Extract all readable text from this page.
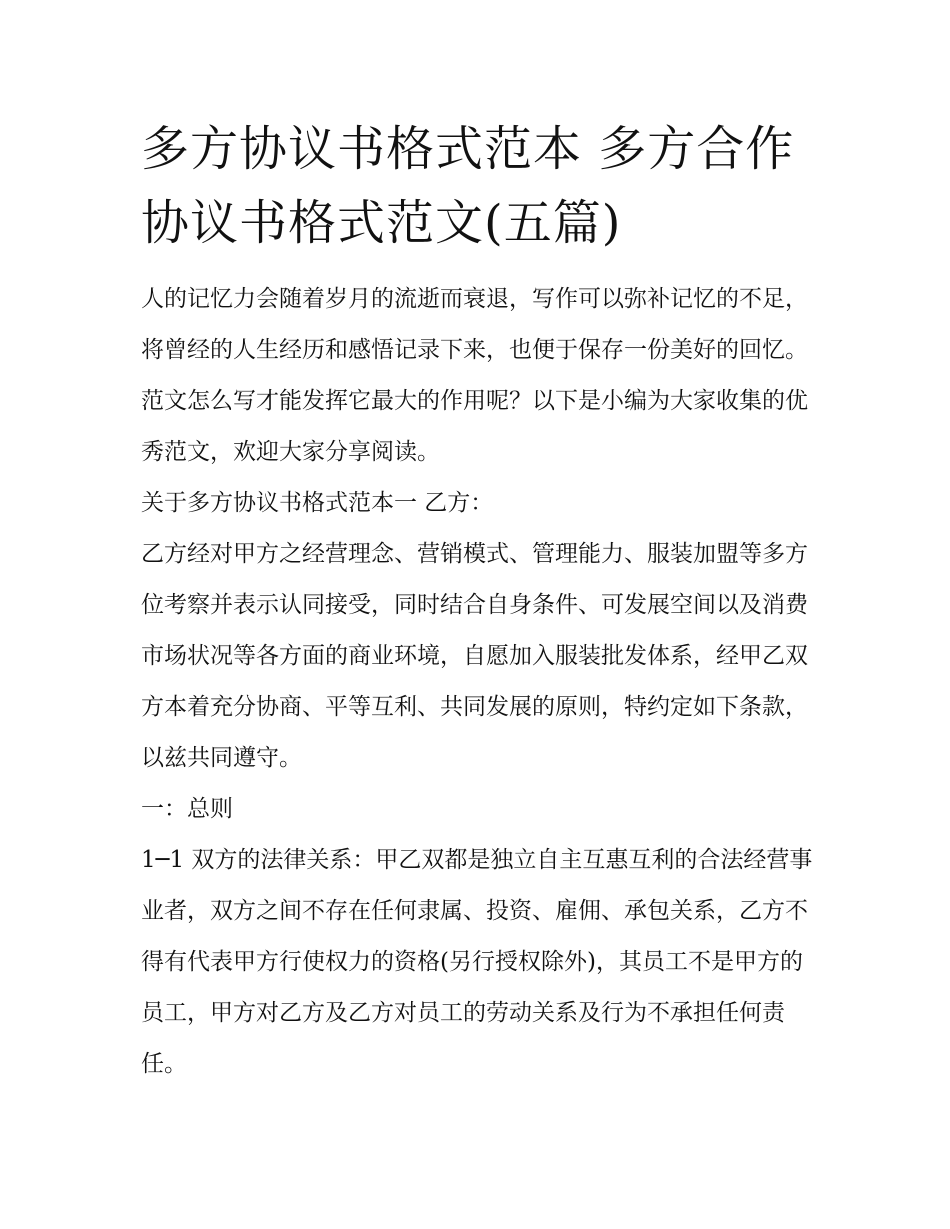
多方协议书格式范本 多方合作协议书格式范文(五篇)

人的记忆力会随着岁月的流逝而衰退，写作可以弥补记忆的不足，将曾经的人生经历和感悟记录下来，也便于保存一份美好的回忆。范文怎么写才能发挥它最大的作用呢？以下是小编为大家收集的优秀范文，欢迎大家分享阅读。

关于多方协议书格式范本一 乙方：

乙方经对甲方之经营理念、营销模式、管理能力、服装加盟等多方位考察并表示认同接受，同时结合自身条件、可发展空间以及消费市场状况等各方面的商业环境，自愿加入服装批发体系，经甲乙双方本着充分协商、平等互利、共同发展的原则，特约定如下条款，以兹共同遵守。

一：总则

1─1 双方的法律关系：甲乙双都是独立自主互惠互利的合法经营事业者，双方之间不存在任何隶属、投资、雇佣、承包关系，乙方不得有代表甲方行使权力的资格(另行授权除外)，其员工不是甲方的员工，甲方对乙方及乙方对员工的劳动关系及行为不承担任何责任。
